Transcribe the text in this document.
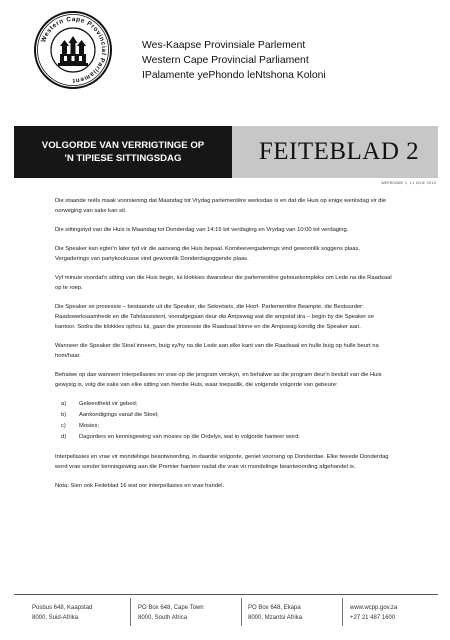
Western Cape Provincial Parliament
Wes-Kaapse Provinsiale Parlement
Western Cape Provincial Parliament
IPalamente yePhondo leNtshona Koloni
VOLGORDE VAN VERRIGTINGE OP
'N TIPIESE SITTINGSDAG	FEITEBLAD 2
WEERGAWE 1, 11 JULIE 2014

Die staande reëls maak voorsiening dat Maandag tot Vrydag parlementêre werksdae is en dat die Huis op enige werksdag vir die oorweging van sake kan sit.

Die sittingstyd van die Huis is Maandag tot Donderdag van 14:15 tot verdaging en Vrydag van 10:00 tot verdaging.

Die Speaker kan egter'n later tyd vir die aanvang die Huis bepaal. Komiteevergaderings vind gewoonlik soggens plaas. Vergaderings van partykoukusse vind gewoonlik Donderdagoggende plaas.

Vyf minute voordat'n sitting van die Huis begin, lui klokkies dwarsdeur die parlementêre gebouekompleks om Lede na die Raadsaal op te roep.

Die Speaker se prosessie – bestaande uit die Speaker, die Sekretaris, die Hoof- Parlementêre Beampte, die Bestuurder: Raadswerksaamhede en die Tafelassistent, voorafgegaan deur die Ampswag wat die ampstaf dra – begin by die Speaker se kantoor. Sodra die klokkies ophou lui, gaan die prosessie die Raadsaal binne en die Ampswag kondig die Speaker aan.

Wanneer die Speaker die Stoel inneem, buig sy/hy na die Lede aan elke kant van die Raadsaal en hulle buig op hulle beurt na hom/haar.

Behalwe op dae wanneer interpellasies en vrae op die program verskyn, en behalwe as die program deur'n besluit van die Huis gewysig is, volg die sake van elke sitting van hierdie Huis, waar toepaslik, die volgende volgorde van gebeure:

a)	Geleentheid vir gebed;
b)	Aankondigings vanaf die Stoel;
c)	Mosies;
d)	Dagorders en kennisgewing van mosies op die Ordelys, wat in volgorde hanteer word.

Interpellasies en vrae vir mondelinge beantwoording, in daardie volgorde, geniet voorrang op Donderdae. Elke tweede Donderdag word vrae sonder kennisgewing aan die Premier hanteer nadat die vrae vir mondelinge beantwoording afgehandel is.

Nota: Sien ook Feiteblad 16 wat oor interpellasies en vrae handel.

Posbus 648, Kaapstad
8000, Suid-Afrika
PO Box 648, Cape Town
8000, South Africa
PO Box 648, Ekapa
8000, Mzantsi Afrika
www.wcpp.gov.za
+27 21 487 1600
